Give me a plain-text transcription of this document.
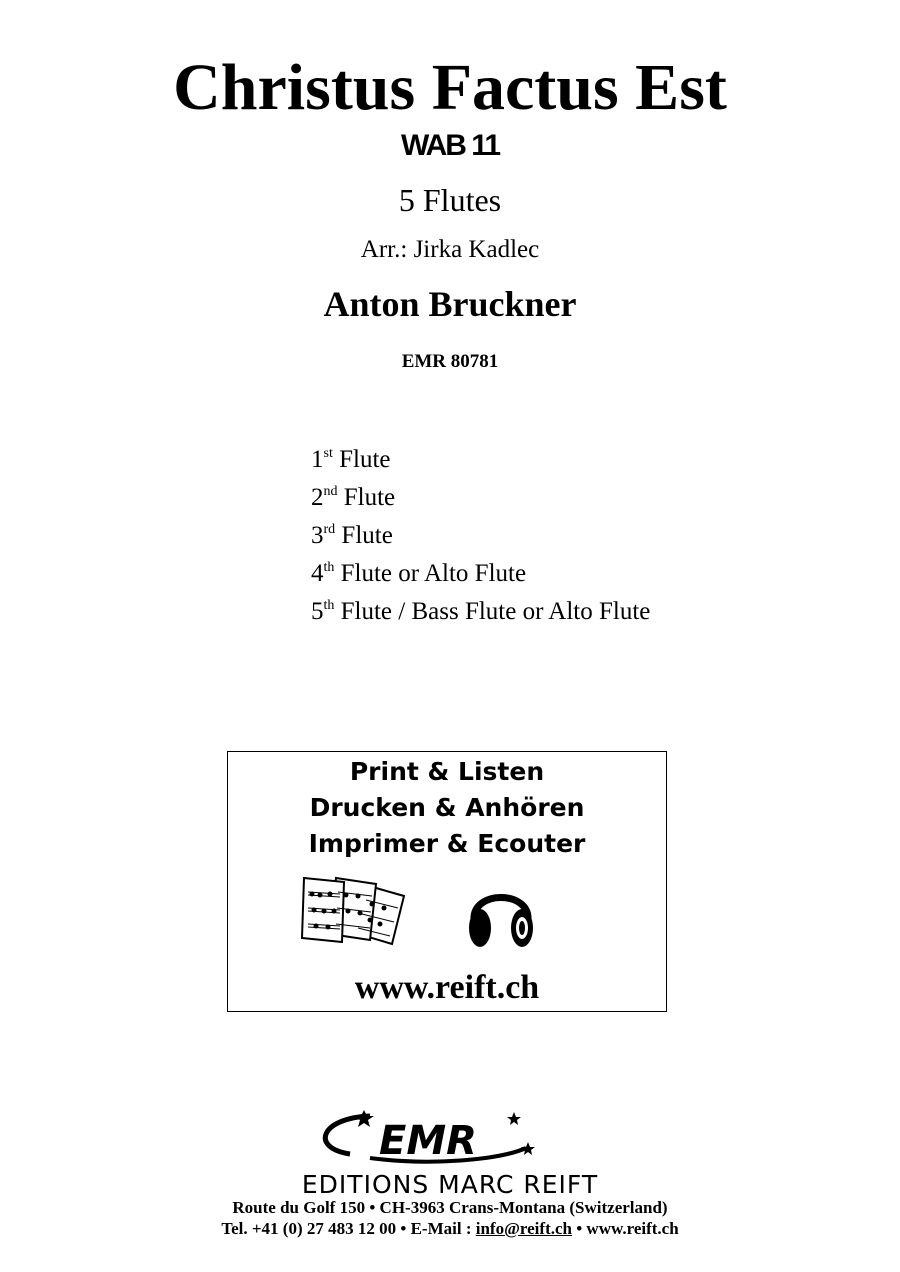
Christus Factus Est
WAB 11
5 Flutes
Arr.: Jirka Kadlec
Anton Bruckner
EMR 80781
1st Flute
2nd Flute
3rd Flute
4th Flute or Alto Flute
5th Flute / Bass Flute or Alto Flute
Print & Listen
Drucken & Anhören
Imprimer & Ecouter
www.reift.ch
EMR
EDITIONS MARC REIFT
Route du Golf 150 • CH-3963 Crans-Montana (Switzerland)
Tel. +41 (0) 27 483 12 00 • E-Mail : info@reift.ch • www.reift.ch
